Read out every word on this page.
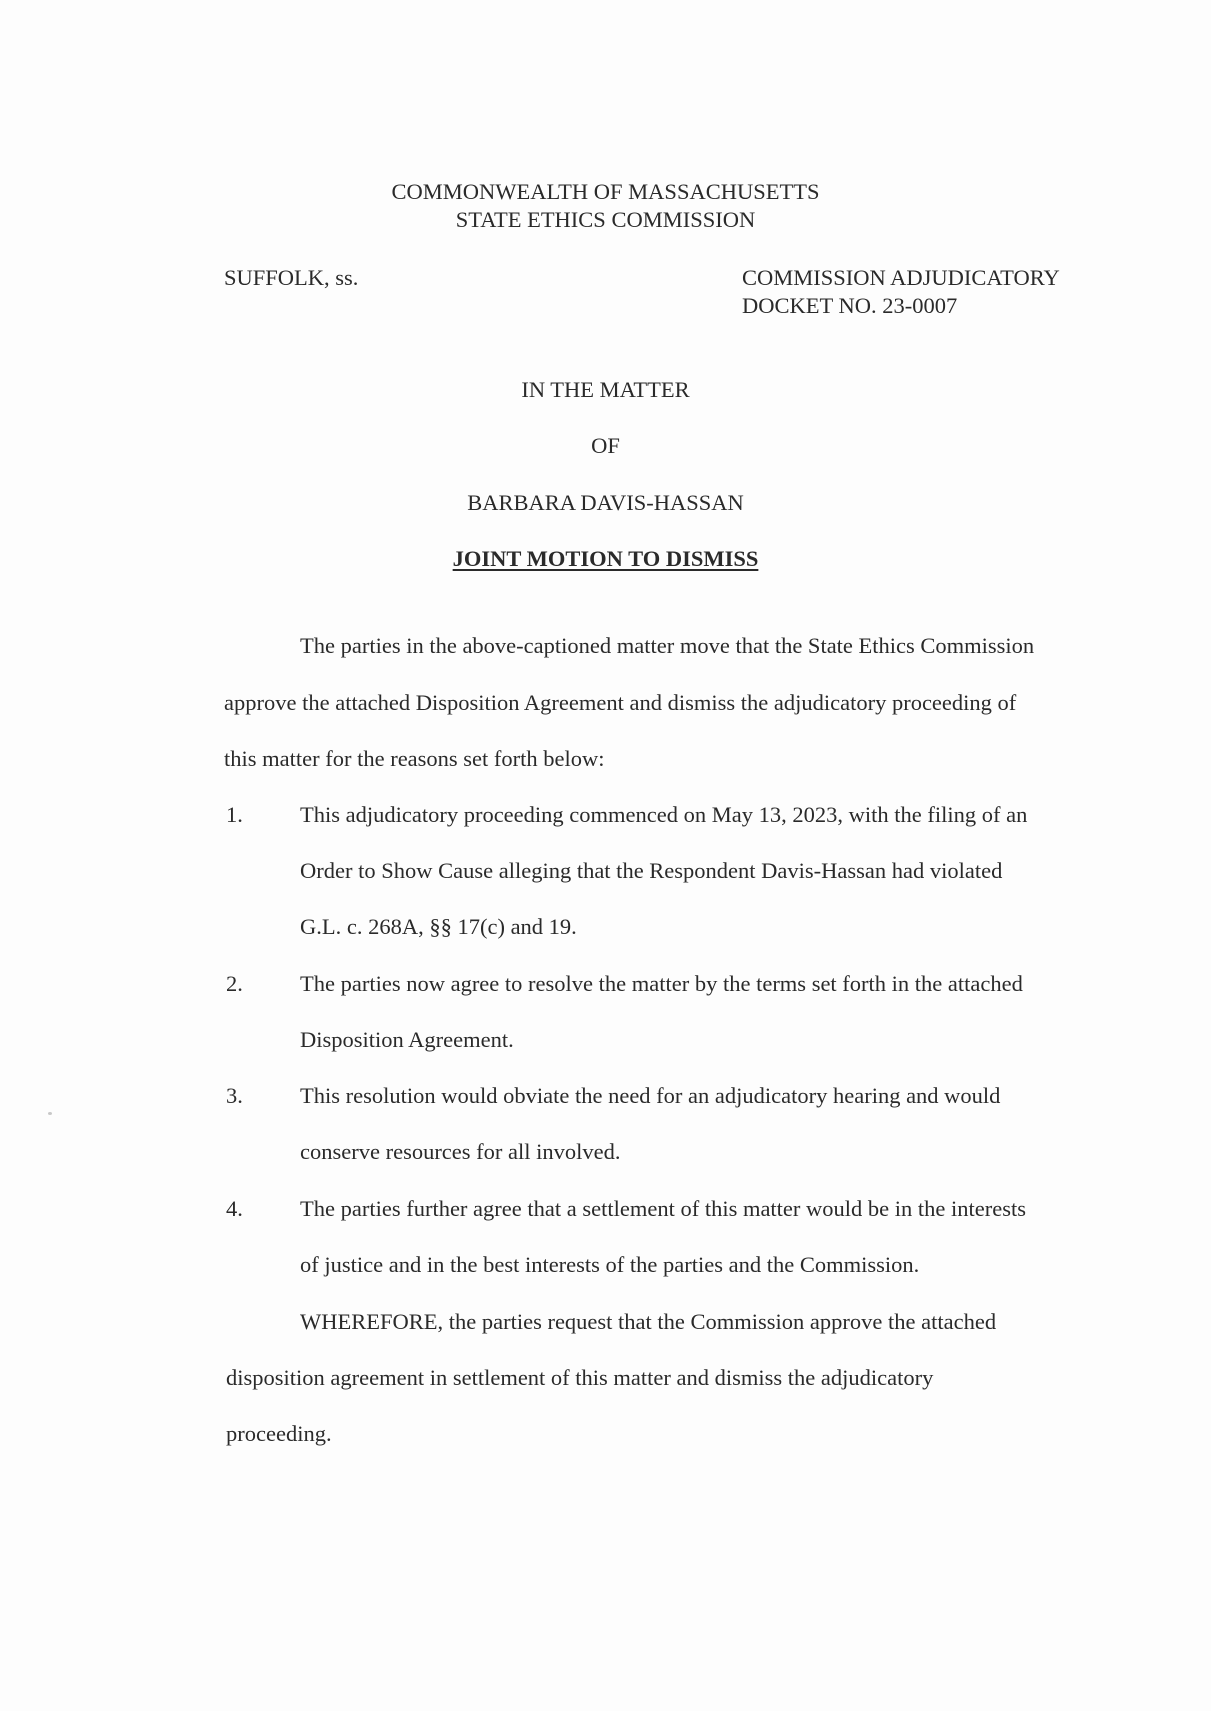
COMMONWEALTH OF MASSACHUSETTS
STATE ETHICS COMMISSION
SUFFOLK, ss.	COMMISSION ADJUDICATORY
DOCKET NO. 23-0007
IN THE MATTER
OF
BARBARA DAVIS-HASSAN
JOINT MOTION TO DISMISS
The parties in the above-captioned matter move that the State Ethics Commission
approve the attached Disposition Agreement and dismiss the adjudicatory proceeding of
this matter for the reasons set forth below:
1.	This adjudicatory proceeding commenced on May 13, 2023, with the filing of an
Order to Show Cause alleging that the Respondent Davis-Hassan had violated
G.L. c. 268A, §§ 17(c) and 19.
2.	The parties now agree to resolve the matter by the terms set forth in the attached
Disposition Agreement.
3.	This resolution would obviate the need for an adjudicatory hearing and would
conserve resources for all involved.
4.	The parties further agree that a settlement of this matter would be in the interests
of justice and in the best interests of the parties and the Commission.
WHEREFORE, the parties request that the Commission approve the attached
disposition agreement in settlement of this matter and dismiss the adjudicatory
proceeding.
